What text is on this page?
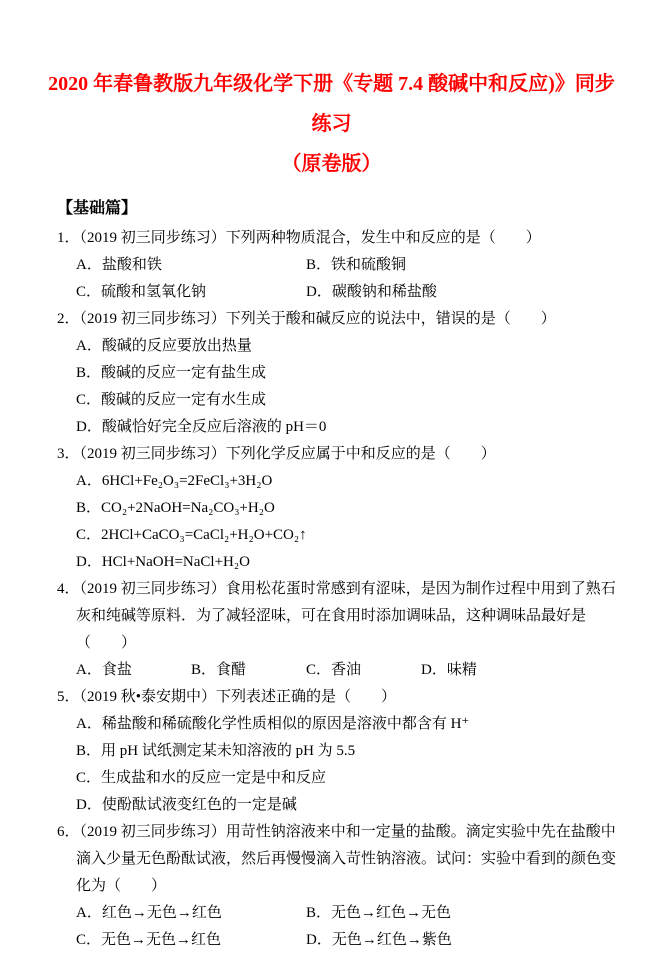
2020 年春鲁教版九年级化学下册《专题 7.4 酸碱中和反应)》同步练习
（原卷版）
【基础篇】

1．（2019 初三同步练习）下列两种物质混合，发生中和反应的是（　　）

A．盐酸和铁	B．铁和硫酸铜
C．硫酸和氢氧化钠	D．碳酸钠和稀盐酸

2．（2019 初三同步练习）下列关于酸和碱反应的说法中，错误的是（　　）

A．酸碱的反应要放出热量
B．酸碱的反应一定有盐生成
C．酸碱的反应一定有水生成
D．酸碱恰好完全反应后溶液的 pH＝0

3．（2019 初三同步练习）下列化学反应属于中和反应的是（　　）

A．6HCl+Fe₂O₃=2FeCl₃+3H₂O
B．CO₂+2NaOH=Na₂CO₃+H₂O
C．2HCl+CaCO₃=CaCl₂+H₂O+CO₂↑
D．HCl+NaOH=NaCl+H₂O

4．（2019 初三同步练习）食用松花蛋时常感到有涩味，是因为制作过程中用到了熟石灰和纯碱等原料．为了减轻涩味，可在食用时添加调味品，这种调味品最好是（　　）

A．食盐	B．食醋	C．香油	D．味精

5．（2019 秋•泰安期中）下列表述正确的是（　　）

A．稀盐酸和稀硫酸化学性质相似的原因是溶液中都含有 H⁺
B．用 pH 试纸测定某未知溶液的 pH 为 5.5
C．生成盐和水的反应一定是中和反应
D．使酚酞试液变红色的一定是碱

6．（2019 初三同步练习）用苛性钠溶液来中和一定量的盐酸。滴定实验中先在盐酸中滴入少量无色酚酞试液，然后再慢慢滴入苛性钠溶液。试问：实验中看到的颜色变化为（　　）

A．红色→无色→红色	B．无色→红色→无色
C．无色→无色→红色	D．无色→红色→紫色
